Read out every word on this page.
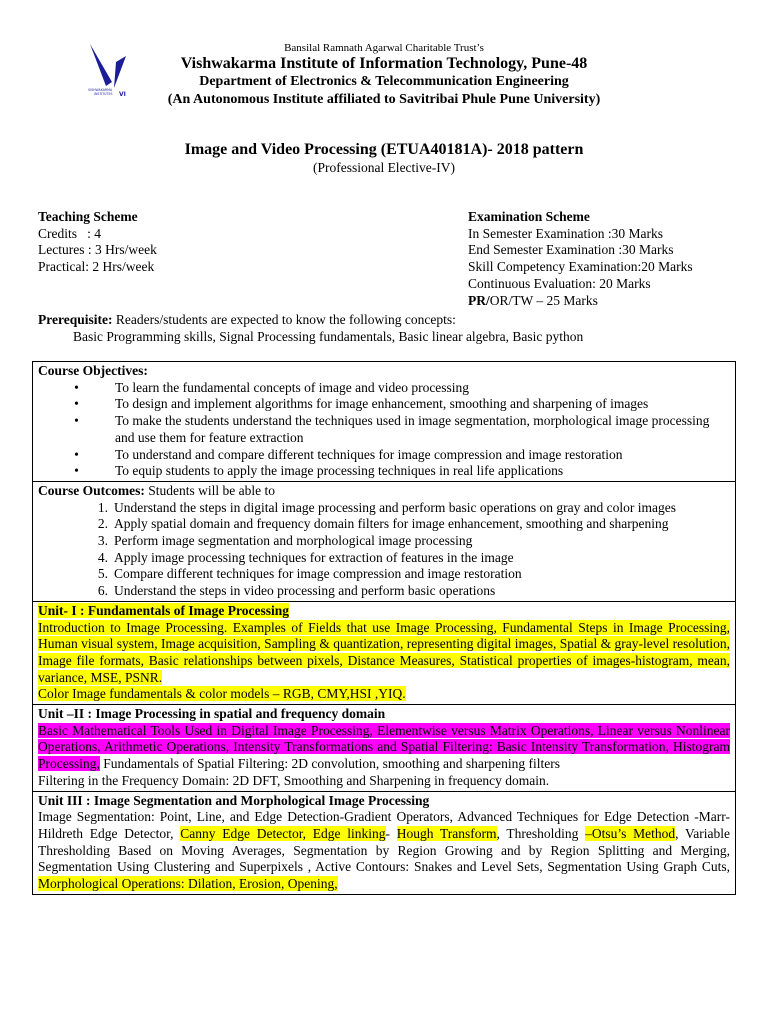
VISHWAKARMA
INSTITUTES VI
Bansilal Ramnath Agarwal Charitable Trust’s
Vishwakarma Institute of Information Technology, Pune-48
Department of Electronics & Telecommunication Engineering
(An Autonomous Institute affiliated to Savitribai Phule Pune University)
Image and Video Processing (ETUA40181A)- 2018 pattern
(Professional Elective-IV)
Teaching Scheme
Credits   : 4
Lectures : 3 Hrs/week
Practical: 2 Hrs/week
Examination Scheme
In Semester Examination :30 Marks
End Semester Examination :30 Marks
Skill Competency Examination:20 Marks
Continuous Evaluation: 20 Marks
PR/OR/TW – 25 Marks
Prerequisite: Readers/students are expected to know the following concepts:
Basic Programming skills, Signal Processing fundamentals, Basic linear algebra, Basic python
Course Objectives:
•	To learn the fundamental concepts of image and video processing
•	To design and implement algorithms for image enhancement, smoothing and sharpening of images
•	To make the students understand the techniques used in image segmentation, morphological image processing and use them for feature extraction
•	To understand and compare different techniques for image compression and image restoration
•	To equip students to apply the image processing techniques in real life applications

Course Outcomes: Students will be able to
1. Understand the steps in digital image processing and perform basic operations on gray and color images
2. Apply spatial domain and frequency domain filters for image enhancement, smoothing and sharpening
3. Perform image segmentation and morphological image processing
4. Apply image processing techniques for extraction of features in the image
5. Compare different techniques for image compression and image restoration
6. Understand the steps in video processing and perform basic operations

Unit- I : Fundamentals of Image Processing
Introduction to Image Processing. Examples of Fields that use Image Processing, Fundamental Steps in Image Processing, Human visual system, Image acquisition, Sampling & quantization, representing digital images, Spatial & gray-level resolution, Image file formats, Basic relationships between pixels, Distance Measures, Statistical properties of images-histogram, mean, variance, MSE, PSNR.
Color Image fundamentals & color models – RGB, CMY,HSI ,YIQ.

Unit –II : Image Processing in spatial and frequency domain
Basic Mathematical Tools Used in Digital Image Processing, Elementwise versus Matrix Operations, Linear versus Nonlinear Operations, Arithmetic Operations, Intensity Transformations and Spatial Filtering: Basic Intensity Transformation, Histogram Processing, Fundamentals of Spatial Filtering: 2D convolution, smoothing and sharpening filters
Filtering in the Frequency Domain: 2D DFT, Smoothing and Sharpening in frequency domain.

Unit III : Image Segmentation and Morphological Image Processing
Image Segmentation: Point, Line, and Edge Detection-Gradient Operators, Advanced Techniques for Edge Detection -Marr-Hildreth Edge Detector, Canny Edge Detector, Edge linking- Hough Transform, Thresholding –Otsu’s Method, Variable Thresholding Based on Moving Averages, Segmentation by Region Growing and by Region Splitting and Merging, Segmentation Using Clustering and Superpixels , Active Contours: Snakes and Level Sets, Segmentation Using Graph Cuts, Morphological Operations: Dilation, Erosion, Opening,
